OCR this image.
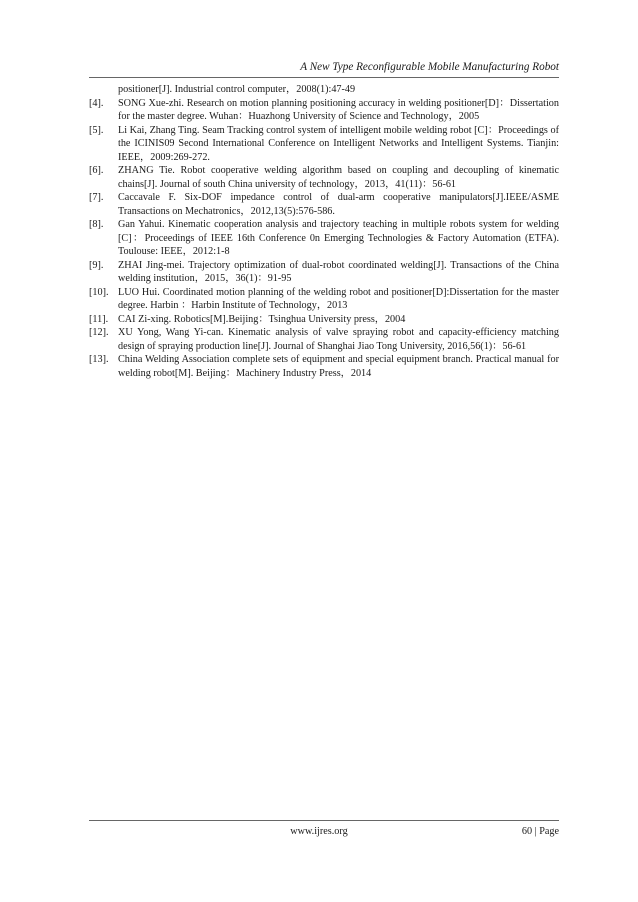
A New Type Reconfigurable Mobile Manufacturing Robot
positioner[J]. Industrial control computer，2008(1):47-49
[4]. SONG Xue-zhi. Research on motion planning positioning accuracy in welding positioner[D]：Dissertation for the master degree. Wuhan：Huazhong University of Science and Technology，2005
[5]. Li Kai, Zhang Ting. Seam Tracking control system of intelligent mobile welding robot [C]：Proceedings of the ICINIS09 Second International Conference on Intelligent Networks and Intelligent Systems. Tianjin: IEEE，2009:269-272.
[6]. ZHANG Tie. Robot cooperative welding algorithm based on coupling and decoupling of kinematic chains[J]. Journal of south China university of technology，2013，41(11)：56-61
[7]. Caccavale F. Six-DOF impedance control of dual-arm cooperative manipulators[J].IEEE/ASME Transactions on Mechatronics，2012,13(5):576-586.
[8]. Gan Yahui. Kinematic cooperation analysis and trajectory teaching in multiple robots system for welding [C]：Proceedings of IEEE 16th Conference 0n Emerging Technologies & Factory Automation (ETFA). Toulouse: IEEE，2012:1-8
[9]. ZHAI Jing-mei. Trajectory optimization of dual-robot coordinated welding[J]. Transactions of the China welding institution，2015，36(1)：91-95
[10]. LUO Hui. Coordinated motion planning of the welding robot and positioner[D]:Dissertation for the master degree. Harbin ：Harbin Institute of Technology，2013
[11]. CAI Zi-xing. Robotics[M].Beijing：Tsinghua University press，2004
[12]. XU Yong, Wang Yi-can. Kinematic analysis of valve spraying robot and capacity-efficiency matching design of spraying production line[J]. Journal of Shanghai Jiao Tong University, 2016,56(1)：56-61
[13]. China Welding Association complete sets of equipment and special equipment branch. Practical manual for welding robot[M]. Beijing：Machinery Industry Press，2014
www.ijres.org	60 | Page
